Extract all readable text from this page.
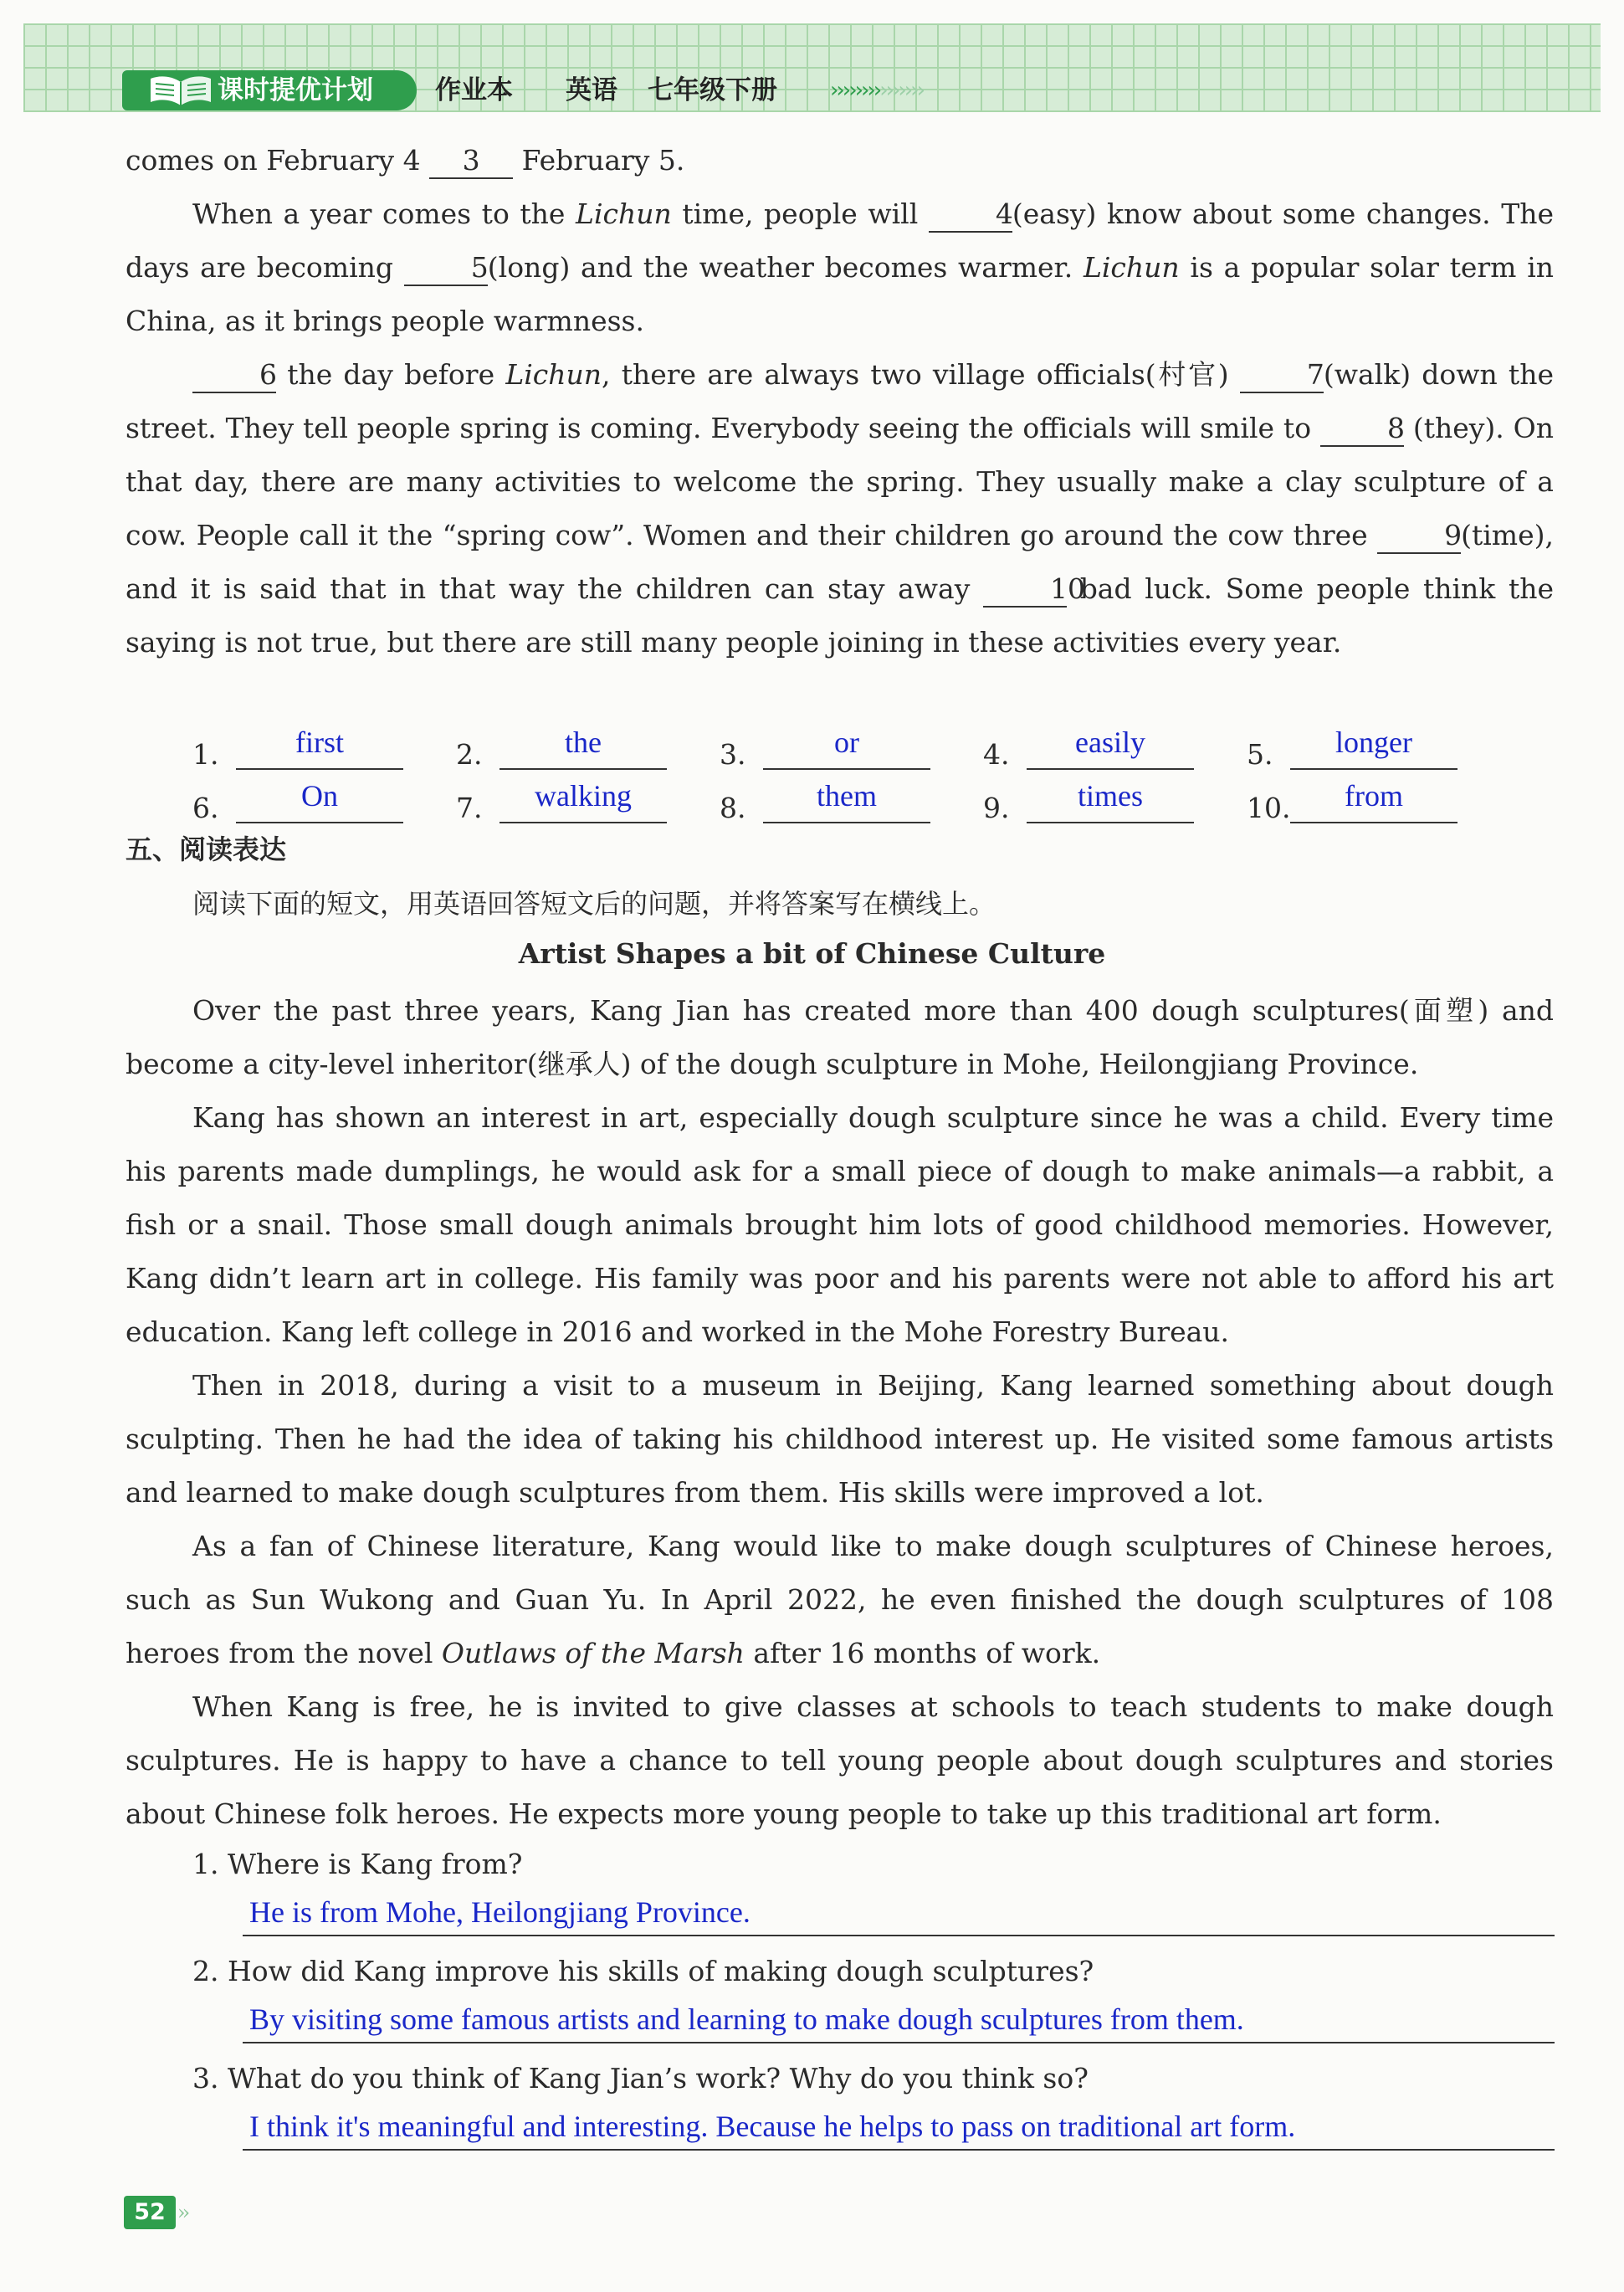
课时提优计划	作业本 英语 七年级下册 ›››››››››››››››

comes on February 4 3 February 5.

When a year comes to the Lichun time, people will	4(easy) know about some changes. The days are becoming	5(long) and the weather becomes warmer. Lichun is a popular solar term in China, as it brings people warmness.

6 the day before Lichun, there are always two village officials(村官)	7(walk) down the street. They tell people spring is coming. Everybody seeing the officials will smile to	8 (they). On that day, there are many activities to welcome the spring. They usually make a clay sculpture of a cow. People call it the “spring cow”. Women and their children go around the cow three	9(time), and it is said that in that way the children can stay away	10 bad luck. Some people think the saying is not true, but there are still many people joining in these activities every year.

1.	first	2.	the	3.	or	4.	easily	5.	longer
6.	On	7.	walking	8.	them	9.	times	10.	from
五、阅读表达
阅读下面的短文，用英语回答短文后的问题，并将答案写在横线上。
Artist Shapes a bit of Chinese Culture

Over the past three years, Kang Jian has created more than 400 dough sculptures(面塑) and become a city-level inheritor(继承人) of the dough sculpture in Mohe, Heilongjiang Province.

Kang has shown an interest in art, especially dough sculpture since he was a child. Every time his parents made dumplings, he would ask for a small piece of dough to make animals—a rabbit, a fish or a snail. Those small dough animals brought him lots of good childhood memories. However, Kang didn’t learn art in college. His family was poor and his parents were not able to afford his art education. Kang left college in 2016 and worked in the Mohe Forestry Bureau.

Then in 2018, during a visit to a museum in Beijing, Kang learned something about dough sculpting. Then he had the idea of taking his childhood interest up. He visited some famous artists and learned to make dough sculptures from them. His skills were improved a lot.

As a fan of Chinese literature, Kang would like to make dough sculptures of Chinese heroes, such as Sun Wukong and Guan Yu. In April 2022, he even finished the dough sculptures of 108 heroes from the novel Outlaws of the Marsh after 16 months of work.

When Kang is free, he is invited to give classes at schools to teach students to make dough sculptures. He is happy to have a chance to tell young people about dough sculptures and stories about Chinese folk heroes. He expects more young people to take up this traditional art form.

1. Where is Kang from?
He is from Mohe, Heilongjiang Province.
2. How did Kang improve his skills of making dough sculptures?
By visiting some famous artists and learning to make dough sculptures from them.
3. What do you think of Kang Jian’s work? Why do you think so?
I think it's meaningful and interesting. Because he helps to pass on traditional art form.
52 ››
